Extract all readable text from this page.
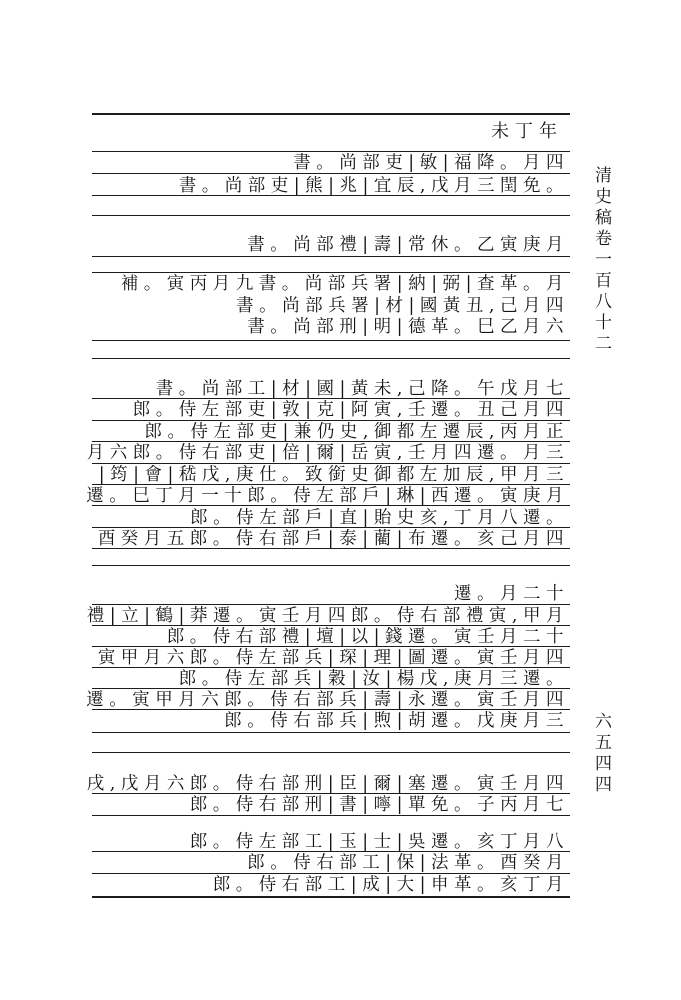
清史稿卷一百八十二
六五四四
未丁年
書。尚部吏|敏|福降。月四
書。尚部吏|熊|兆|宜辰,戊月三閏免。
書。尚部禮|壽|常休。乙寅庚月
補。寅丙月九書。尚部兵署|納|弼|查革。月
書。尚部兵署|材|國黃丑,己月四
書。尚部刑|明|德革。巳乙月六
書。尚部工|材|國|黃未,己降。午戊月七
郎。侍左部吏|敦|克|阿寅,壬遷。丑己月四
郎。侍左部吏|兼仍史,御都左遷辰,丙月正
月六郎。侍右部吏|倍|爾|岳寅,壬月四遷。月三
|筠|會|嵇戊,庚仕。致銜史御都左加辰,甲月三
遷。巳丁月一十郎。侍左部戶|琳|西遷。寅庚月
郎。侍左部戶|直|貽史亥,丁月八遷。
酉癸月五郎。侍右部戶|泰|藺|布遷。亥己月四
遷。月二十
禮|立|鶴|莽遷。寅壬月四郎。侍右部禮寅,甲月
郎。侍右部禮|壇|以|錢遷。寅壬月二十
寅甲月六郎。侍左部兵|琛|理|圖遷。寅壬月四
郎。侍左部兵|穀|汝|楊戊,庚月三遷。
遷。寅甲月六郎。侍右部兵|壽|永遷。寅壬月四
郎。侍右部兵|煦|胡遷。戊庚月三
戌,戊月六郎。侍右部刑|臣|爾|塞遷。寅壬月四
郎。侍右部刑|書|嚀|單免。子丙月七
郎。侍左部工|玉|士|吳遷。亥丁月八
郎。侍右部工|保|法革。酉癸月
郎。侍右部工|成|大|申革。亥丁月
